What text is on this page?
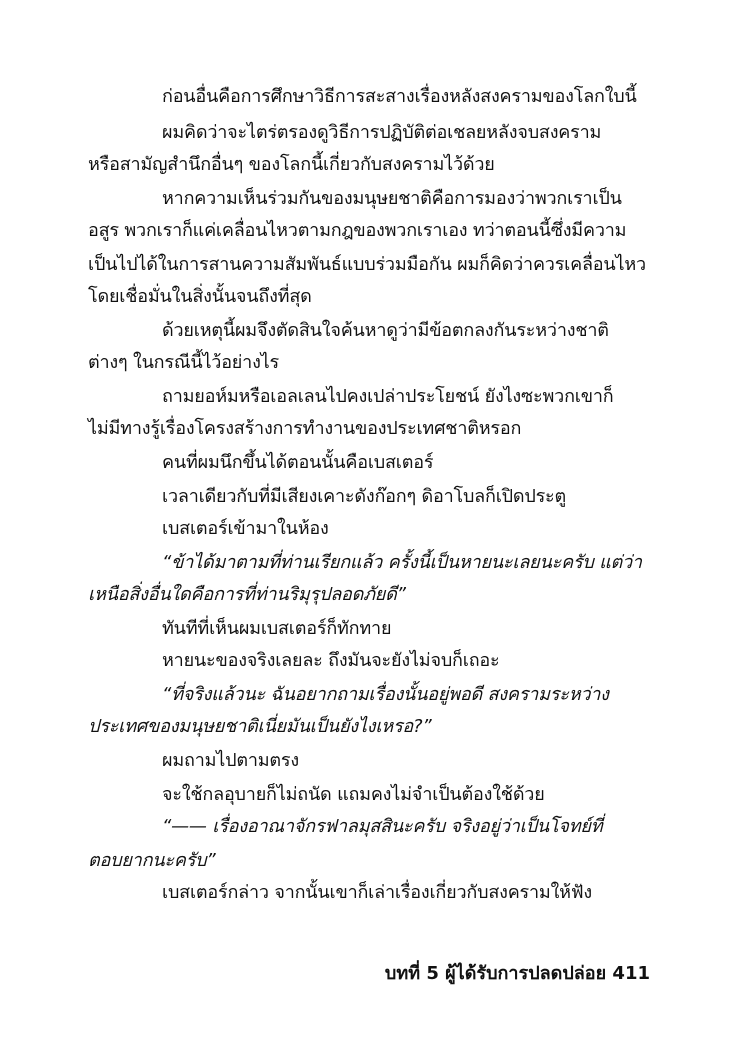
ก่อนอื่นคือการศึกษาวิธีการสะสางเรื่องหลังสงครามของโลกใบนี้
ผมคิดว่าจะไตร่ตรองดูวิธีการปฏิบัติต่อเชลยหลังจบสงคราม
หรือสามัญสำนึกอื่นๆ ของโลกนี้เกี่ยวกับสงครามไว้ด้วย
หากความเห็นร่วมกันของมนุษยชาติคือการมองว่าพวกเราเป็น
อสูร พวกเราก็แค่เคลื่อนไหวตามกฎของพวกเราเอง ทว่าตอนนี้ซึ่งมีความ
เป็นไปได้ในการสานความสัมพันธ์แบบร่วมมือกัน ผมก็คิดว่าควรเคลื่อนไหว
โดยเชื่อมั่นในสิ่งนั้นจนถึงที่สุด
ด้วยเหตุนี้ผมจึงตัดสินใจค้นหาดูว่ามีข้อตกลงกันระหว่างชาติ
ต่างๆ ในกรณีนี้ไว้อย่างไร
ถามยอห์มหรือเอลเลนไปคงเปล่าประโยชน์ ยังไงซะพวกเขาก็
ไม่มีทางรู้เรื่องโครงสร้างการทำงานของประเทศชาติหรอก
คนที่ผมนึกขึ้นได้ตอนนั้นคือเบสเตอร์
เวลาเดียวกับที่มีเสียงเคาะดังก๊อกๆ ดิอาโบลก็เปิดประตู
เบสเตอร์เข้ามาในห้อง
“ข้าได้มาตามที่ท่านเรียกแล้ว ครั้งนี้เป็นหายนะเลยนะครับ แต่ว่า
เหนือสิ่งอื่นใดคือการที่ท่านริมุรุปลอดภัยดี”
ทันทีที่เห็นผมเบสเตอร์ก็ทักทาย
หายนะของจริงเลยละ ถึงมันจะยังไม่จบก็เถอะ
“ที่จริงแล้วนะ ฉันอยากถามเรื่องนั้นอยู่พอดี สงครามระหว่าง
ประเทศของมนุษยชาติเนี่ยมันเป็นยังไงเหรอ?”
ผมถามไปตามตรง
จะใช้กลอุบายก็ไม่ถนัด แถมคงไม่จำเป็นต้องใช้ด้วย
“—— เรื่องอาณาจักรฟาลมุสสินะครับ จริงอยู่ว่าเป็นโจทย์ที่
ตอบยากนะครับ”
เบสเตอร์กล่าว จากนั้นเขาก็เล่าเรื่องเกี่ยวกับสงครามให้ฟัง
บทที่ 5 ผู้ได้รับการปลดปล่อย 411
